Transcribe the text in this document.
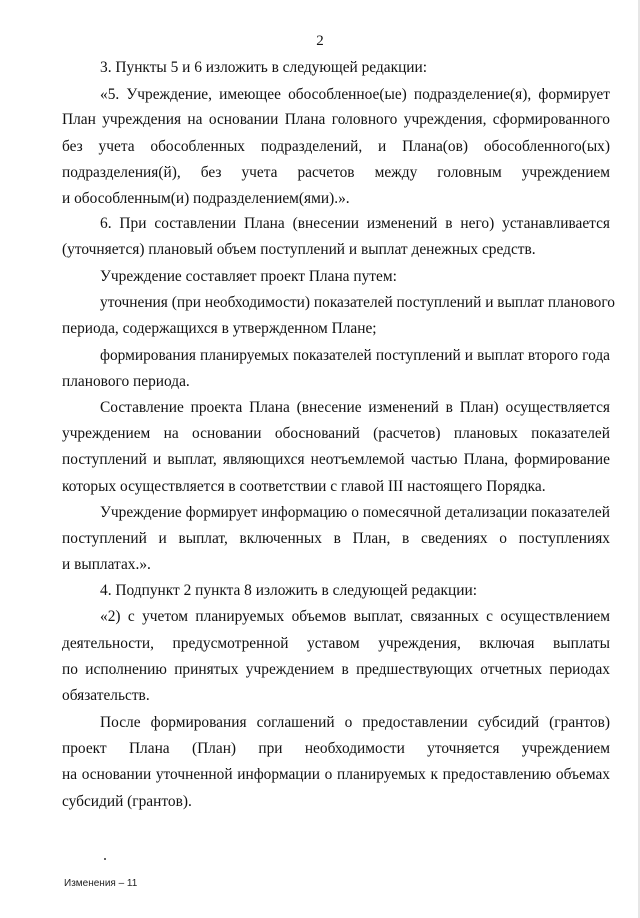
2
3. Пункты 5 и 6 изложить в следующей редакции:
«5. Учреждение, имеющее обособленное(ые) подразделение(я), формирует
План учреждения на основании Плана головного учреждения, сформированного
без учета обособленных подразделений, и Плана(ов) обособленного(ых)
подразделения(й), без учета расчетов между головным учреждением
и обособленным(и) подразделением(ями).».
6. При составлении Плана (внесении изменений в него) устанавливается
(уточняется) плановый объем поступлений и выплат денежных средств.
Учреждение составляет проект Плана путем:
уточнения (при необходимости) показателей поступлений и выплат планового
периода, содержащихся в утвержденном Плане;
формирования планируемых показателей поступлений и выплат второго года
планового периода.
Составление проекта Плана (внесение изменений в План) осуществляется
учреждением на основании обоснований (расчетов) плановых показателей
поступлений и выплат, являющихся неотъемлемой частью Плана, формирование
которых осуществляется в соответствии с главой III настоящего Порядка.
Учреждение формирует информацию о помесячной детализации показателей
поступлений и выплат, включенных в План, в сведениях о поступлениях
и выплатах.».
4. Подпункт 2 пункта 8 изложить в следующей редакции:
«2) с учетом планируемых объемов выплат, связанных с осуществлением
деятельности, предусмотренной уставом учреждения, включая выплаты
по исполнению принятых учреждением в предшествующих отчетных периодах
обязательств.
После формирования соглашений о предоставлении субсидий (грантов)
проект Плана (План) при необходимости уточняется учреждением
на основании уточненной информации о планируемых к предоставлению объемах
субсидий (грантов).
Изменения – 11
